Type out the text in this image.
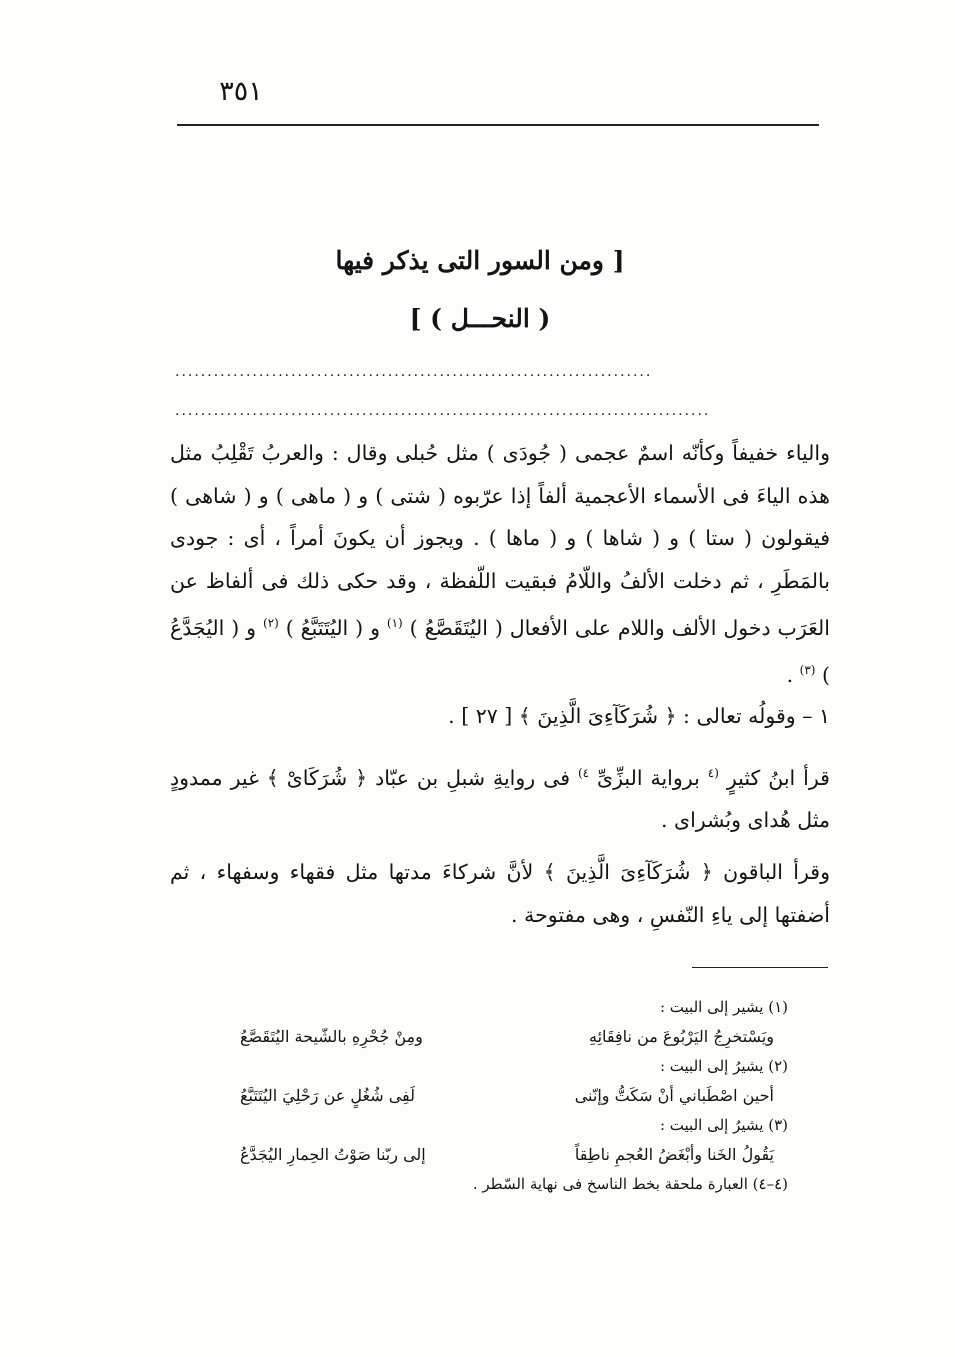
٣٥١
[ ومن السور التى يذكر فيها
( النحـــل ) ]
..........................................................................
...................................................................................
والياء خفيفاً وكأنّه اسمٌ عجمى ( جُودَى ) مثل حُبلى وقال : والعربُ تَقْلِبُ مثل هذه الياءَ فى الأسماء الأعجمية ألفاً إذا عرّبوه ( شتى ) و ( ماهى ) و ( شاهى ) فيقولون ( ستا ) و ( شاها ) و ( ماها ) . ويجوز أن يكونَ أمراً ، أى : جودى بالمَطَرِ ، ثم دخلت الألفُ واللّامُ فبقيت اللّفظة ، وقد حكى ذلك فى ألفاظ عن العَرَب دخول الألف واللام على الأفعال ( اليُتَقَصَّعُ ) $^{(١)}$ و ( اليُتَتَبَّعُ ) $^{(٢)}$ و ( اليُجَدَّعُ ) $^{(٣)}$ .
١ – وقولُه تعالى : ﴿ شُرَكَآءِىَ الَّذِينَ ﴾ [ ٢٧ ] .
قرأ ابنُ كثيرٍ $^{(٤}$ برواية البزِّىِّ $^{٤)}$ فى روايةِ شبلِ بن عبّاد ﴿ شُرَكَاىْ ﴾ غير ممدودٍ مثل هُداى وبُشراى .
وقرأ الباقون ﴿ شُرَكَآءِىَ الَّذِينَ ﴾ لأنَّ شركاءَ مدتها مثل فقهاء وسفهاء ، ثم أضفتها إلى ياءِ النّفسِ ، وهى مفتوحة .
(١) يشير إلى البيت :
ويَسْتخرِجُ اليَرْبُوعَ من نافِقَائِهِ
ومِنْ جُحْرِهِ بالشّيحة اليُتَقَصَّعُ
(٢) يشيرُ إلى البيت :
أحين اصْطَباني أنْ سَكَتُّ وإنّنى
لَفِى شُغُلٍ عن رَحْلِيَ اليُتَتَبَّعُ
(٣) يشيرُ إلى البيت :
يَقُولُ الخَنا وأبْغَضُ العُجمِ ناطِقاً
إلى ربّنا صَوْتُ الحِمارِ اليُجَدَّعُ
(٤–٤) العبارة ملحقة بخط الناسخ فى نهاية السّطر .
